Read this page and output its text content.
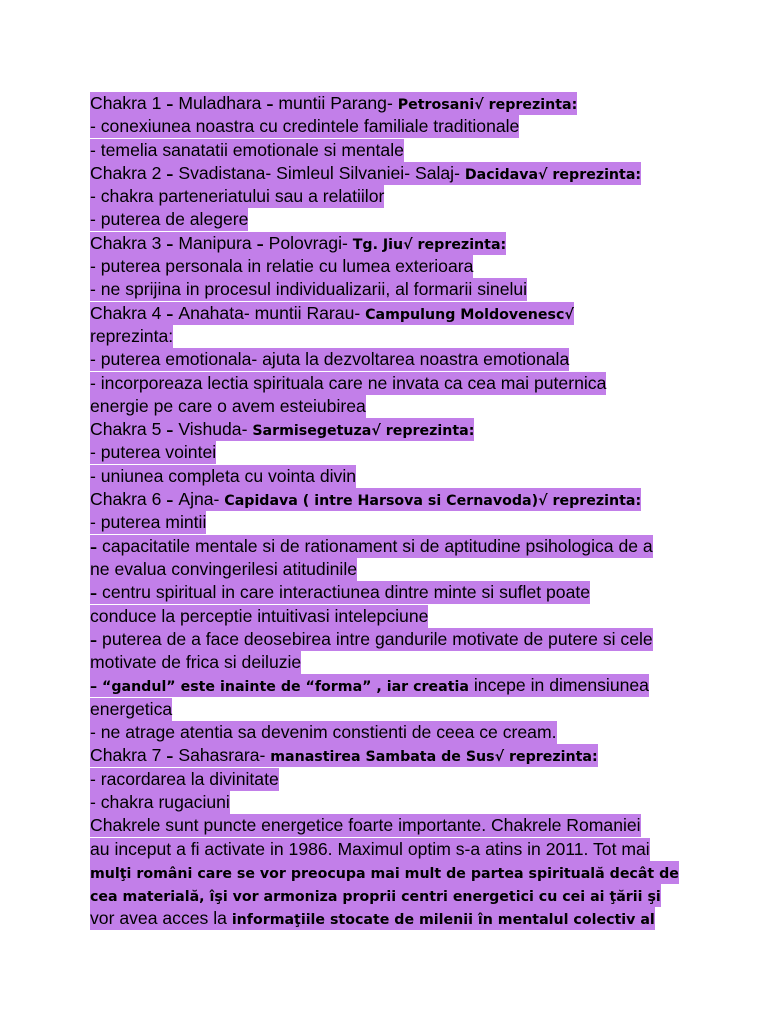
Chakra 1 – Muladhara – muntii Parang- Petrosani√ reprezinta:
- conexiunea noastra cu credintele familiale traditionale
- temelia sanatatii emotionale si mentale
Chakra 2 – Svadistana- Simleul Silvaniei- Salaj- Dacidava√ reprezinta:
- chakra parteneriatului sau a relatiilor
- puterea de alegere
Chakra 3 – Manipura – Polovragi- Tg. Jiu√ reprezinta:
- puterea personala in relatie cu lumea exterioara
- ne sprijina in procesul individualizarii, al formarii sinelui
Chakra 4 – Anahata- muntii Rarau- Campulung Moldovenesc√
reprezinta:
- puterea emotionala- ajuta la dezvoltarea noastra emotionala
- incorporeaza lectia spirituala care ne invata ca cea mai puternica
energie pe care o avem esteiubirea
Chakra 5 – Vishuda- Sarmisegetuza√ reprezinta:
- puterea vointei
- uniunea completa cu vointa divin
Chakra 6 – Ajna- Capidava ( intre Harsova si Cernavoda)√ reprezinta:
- puterea mintii
– capacitatile mentale si de rationament si de aptitudine psihologica de a
ne evalua convingerilesi atitudinile
– centru spiritual in care interactiunea dintre minte si suflet poate
conduce la perceptie intuitivasi intelepciune
– puterea de a face deosebirea intre gandurile motivate de putere si cele
motivate de frica si deiluzie
– “gandul” este inainte de “forma” , iar creatia incepe in dimensiunea
energetica
- ne atrage atentia sa devenim constienti de ceea ce cream.
Chakra 7 – Sahasrara- manastirea Sambata de Sus√ reprezinta:
- racordarea la divinitate
- chakra rugaciuni
Chakrele sunt puncte energetice foarte importante. Chakrele Romaniei
au inceput a fi activate in 1986. Maximul optim s-a atins in 2011. Tot mai
mulţi români care se vor preocupa mai mult de partea spirituală decât de
cea materială, îşi vor armoniza proprii centri energetici cu cei ai ţării şi
vor avea acces la informaţiile stocate de milenii în mentalul colectiv al
